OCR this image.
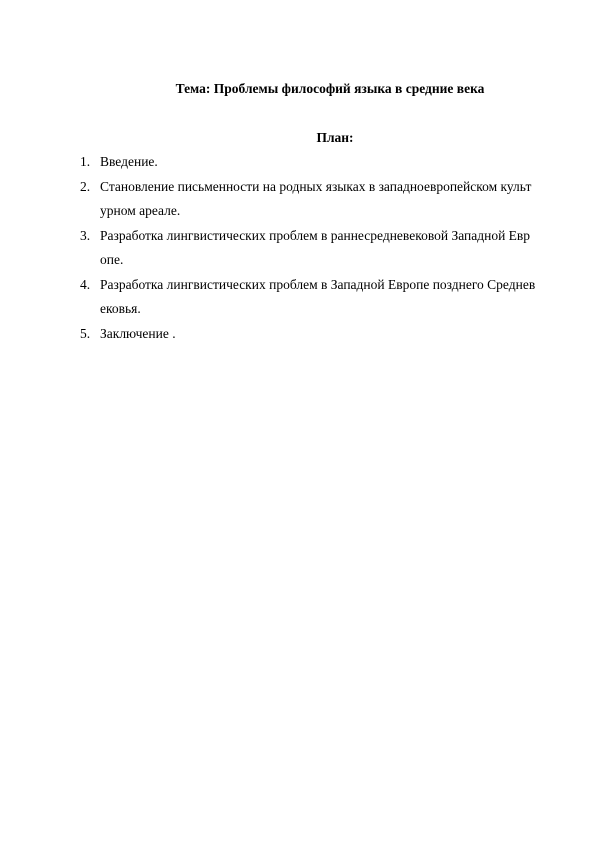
Тема: Проблемы философий языка в средние века

План:

1. Введение.
2. Становление письменности на родных языках в западноевропейском культ
урном ареале.
3. Разработка лингвистических проблем в раннесредневековой Западной Евр
опе.
4. Разработка лингвистических проблем в Западной Европе позднего Среднев
ековья.
5. Заключение .
